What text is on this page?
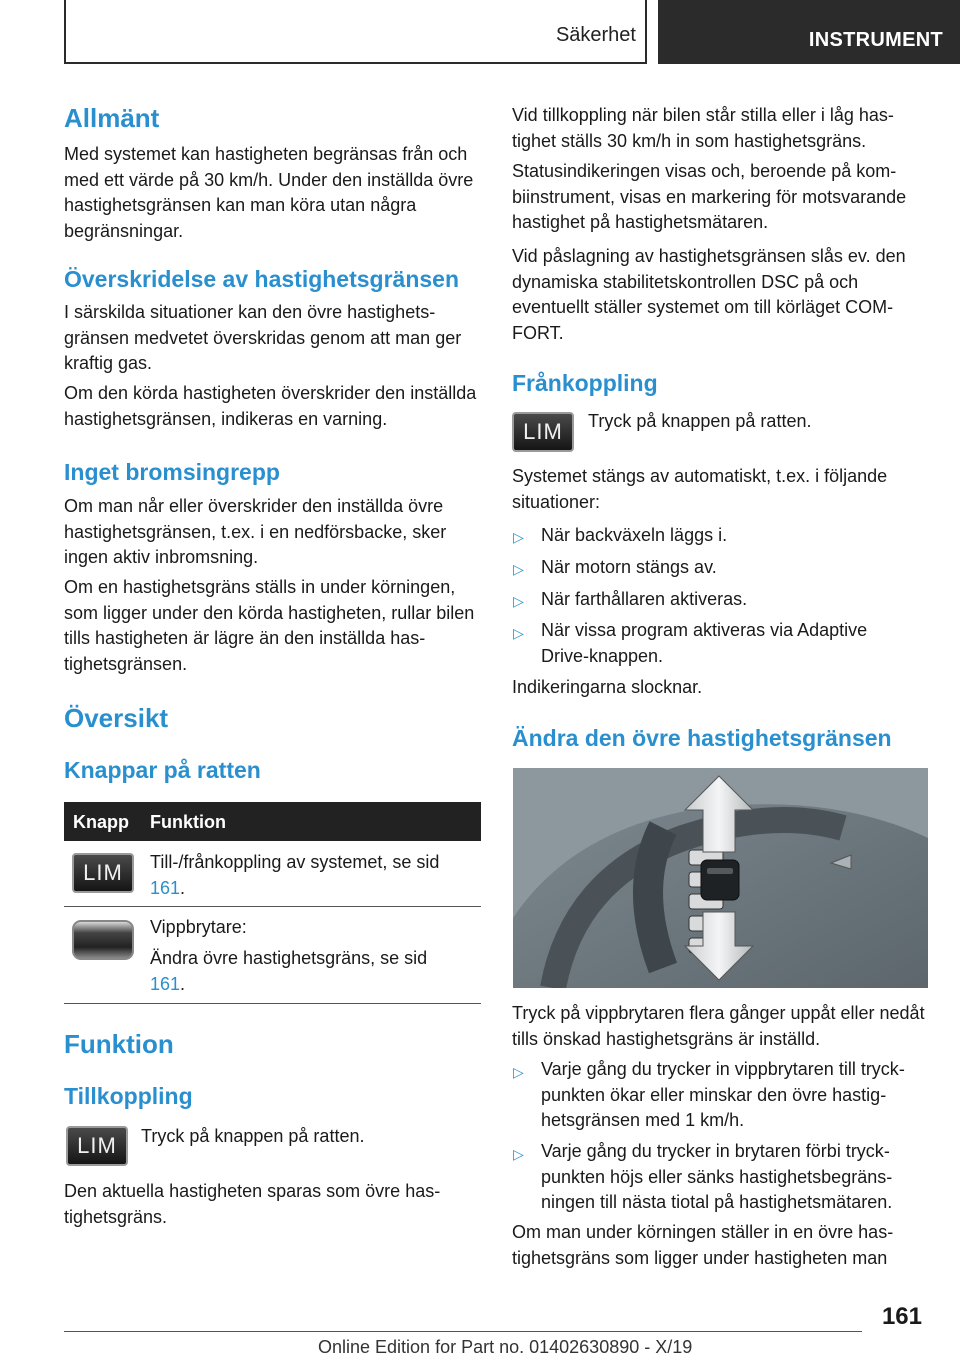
Säkerhet	INSTRUMENT
Allmänt
Med systemet kan hastigheten begränsas från och med ett värde på 30 km/h. Under den inställda övre hastighetsgränsen kan man köra utan några begränsningar.
Överskridelse av hastighetsgränsen
I särskilda situationer kan den övre hastighetsgränsen medvetet överskridas genom att man ger kraftig gas.
Om den körda hastigheten överskrider den inställda hastighetsgränsen, indikeras en varning.
Inget bromsingrepp
Om man når eller överskrider den inställda övre hastighetsgränsen, t.ex. i en nedförsbacke, sker ingen aktiv inbromsning.
Om en hastighetsgräns ställs in under körningen, som ligger under den körda hastigheten, rullar bilen tills hastigheten är lägre än den inställda hastighetsgränsen.
Översikt
Knappar på ratten
Knapp Funktion
LIM Till-/frånkoppling av systemet, se sid 161.
Vippbrytare:
Ändra övre hastighetsgräns, se sid 161.
Funktion
Tillkoppling
LIM Tryck på knappen på ratten.
Den aktuella hastigheten sparas som övre hastighetsgräns.
Vid tillkoppling när bilen står stilla eller i låg hastighet ställs 30 km/h in som hastighetsgräns.
Statusindikeringen visas och, beroende på kombiinstrument, visas en markering för motsvarande hastighet på hastighetsmätaren.
Vid påslagning av hastighetsgränsen slås ev. den dynamiska stabilitetskontrollen DSC på och eventuellt ställer systemet om till körläget COMFORT.
Frånkoppling
LIM Tryck på knappen på ratten.
Systemet stängs av automatiskt, t.ex. i följande situationer:
▷ När backväxeln läggs i.
▷ När motorn stängs av.
▷ När farthållaren aktiveras.
▷ När vissa program aktiveras via Adaptive Drive-knappen.
Indikeringarna slocknar.
Ändra den övre hastighetsgränsen
Tryck på vippbrytaren flera gånger uppåt eller nedåt tills önskad hastighetsgräns är inställd.
▷ Varje gång du trycker in vippbrytaren till tryckpunkten ökar eller minskar den övre hastighetsgränsen med 1 km/h.
▷ Varje gång du trycker in brytaren förbi tryckpunkten höjs eller sänks hastighetsbegränsningen till nästa tiotal på hastighetsmätaren.
Om man under körningen ställer in en övre hastighetsgräns som ligger under hastigheten man
161
Online Edition for Part no. 01402630890 - X/19
